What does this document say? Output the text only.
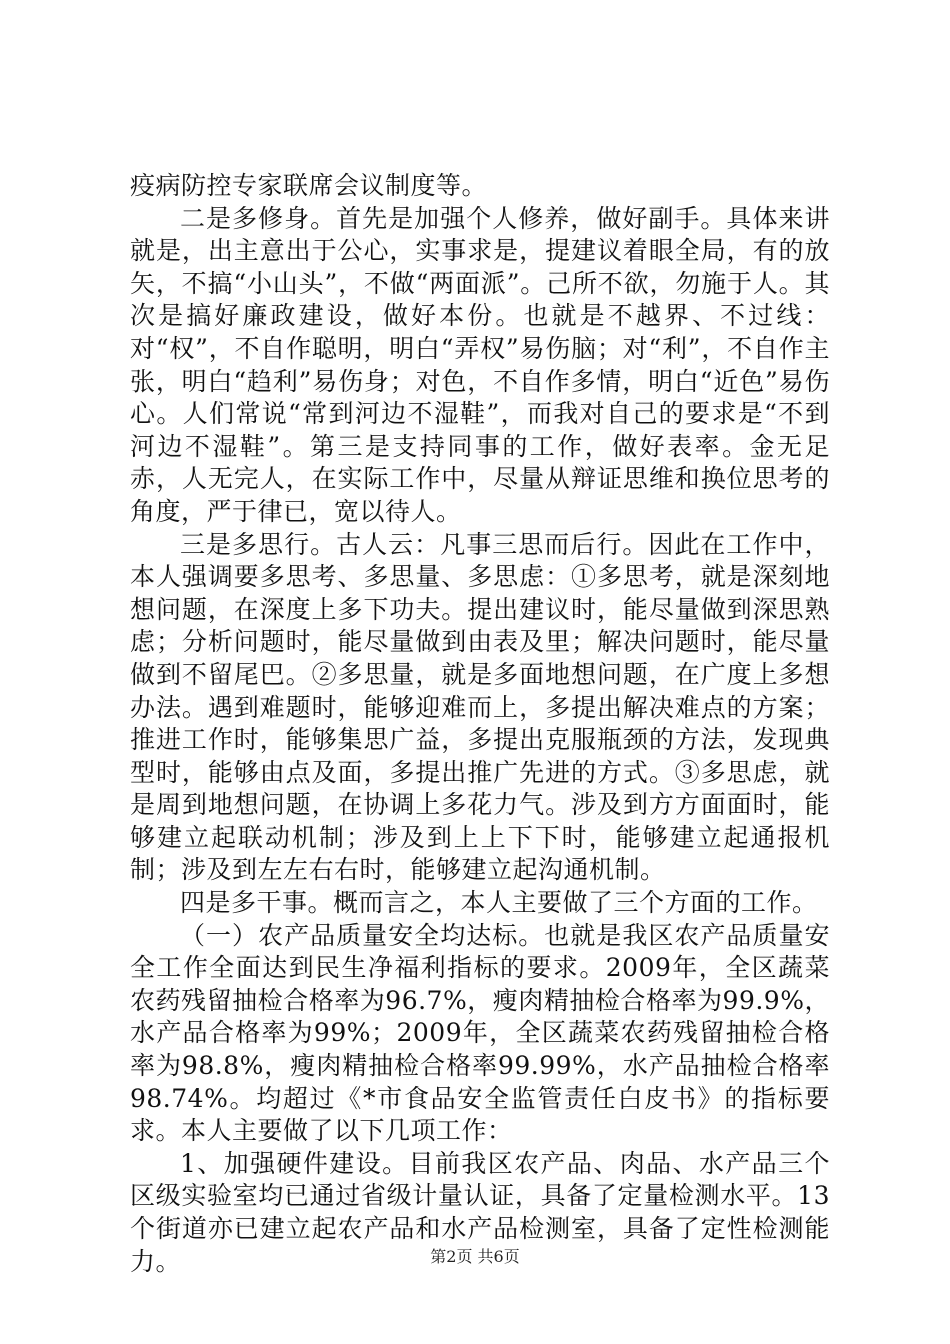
疫病防控专家联席会议制度等。

二是多修身。首先是加强个人修养，做好副手。具体来讲就是，出主意出于公心，实事求是，提建议着眼全局，有的放矢，不搞“小山头”，不做“两面派”。己所不欲，勿施于人。其次是搞好廉政建设，做好本份。也就是不越界、不过线：对“权”，不自作聪明，明白“弄权”易伤脑；对“利”，不自作主张，明白“趋利”易伤身；对色，不自作多情，明白“近色”易伤心。人们常说“常到河边不湿鞋”，而我对自己的要求是“不到河边不湿鞋”。第三是支持同事的工作，做好表率。金无足赤，人无完人，在实际工作中，尽量从辩证思维和换位思考的角度，严于律已，宽以待人。

三是多思行。古人云：凡事三思而后行。因此在工作中，本人强调要多思考、多思量、多思虑：①多思考，就是深刻地想问题，在深度上多下功夫。提出建议时，能尽量做到深思熟虑；分析问题时，能尽量做到由表及里；解决问题时，能尽量做到不留尾巴。②多思量，就是多面地想问题，在广度上多想办法。遇到难题时，能够迎难而上，多提出解决难点的方案；推进工作时，能够集思广益，多提出克服瓶颈的方法，发现典型时，能够由点及面，多提出推广先进的方式。③多思虑，就是周到地想问题，在协调上多花力气。涉及到方方面面时，能够建立起联动机制；涉及到上上下下时，能够建立起通报机制；涉及到左左右右时，能够建立起沟通机制。

四是多干事。概而言之，本人主要做了三个方面的工作。

（一）农产品质量安全均达标。也就是我区农产品质量安全工作全面达到民生净福利指标的要求。2009年，全区蔬菜农药残留抽检合格率为96.7%，瘦肉精抽检合格率为99.9%，水产品合格率为99%；2009年，全区蔬菜农药残留抽检合格率为98.8%，瘦肉精抽检合格率99.99%，水产品抽检合格率98.74%。均超过《*市食品安全监管责任白皮书》的指标要求。本人主要做了以下几项工作：

1、加强硬件建设。目前我区农产品、肉品、水产品三个区级实验室均已通过省级计量认证，具备了定量检测水平。13个街道亦已建立起农产品和水产品检测室，具备了定性检测能力。	第2页 共6页
